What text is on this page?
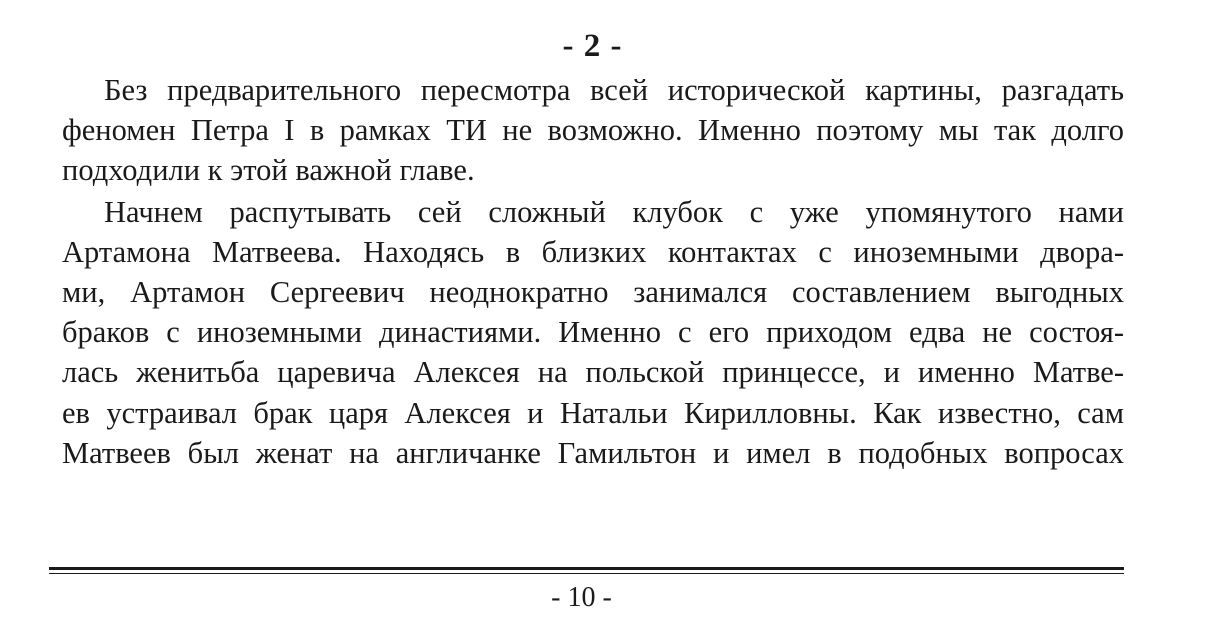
- 2 -

Без предварительного пересмотра всей исторической картины, разгадать
феномен Петра I в рамках ТИ не возможно. Именно поэтому мы так долго
подходили к этой важной главе.

Начнем распутывать сей сложный клубок с уже упомянутого нами
Артамона Матвеева. Находясь в близких контактах с иноземными двора-
ми, Артамон Сергеевич неоднократно занимался составлением выгодных
браков с иноземными династиями. Именно с его приходом едва не состоя-
лась женитьба царевича Алексея на польской принцессе, и именно Матве-
ев устраивал брак царя Алексея и Натальи Кирилловны. Как известно, сам
Матвеев был женат на англичанке Гамильтон и имел в подобных вопросах

- 10 -
